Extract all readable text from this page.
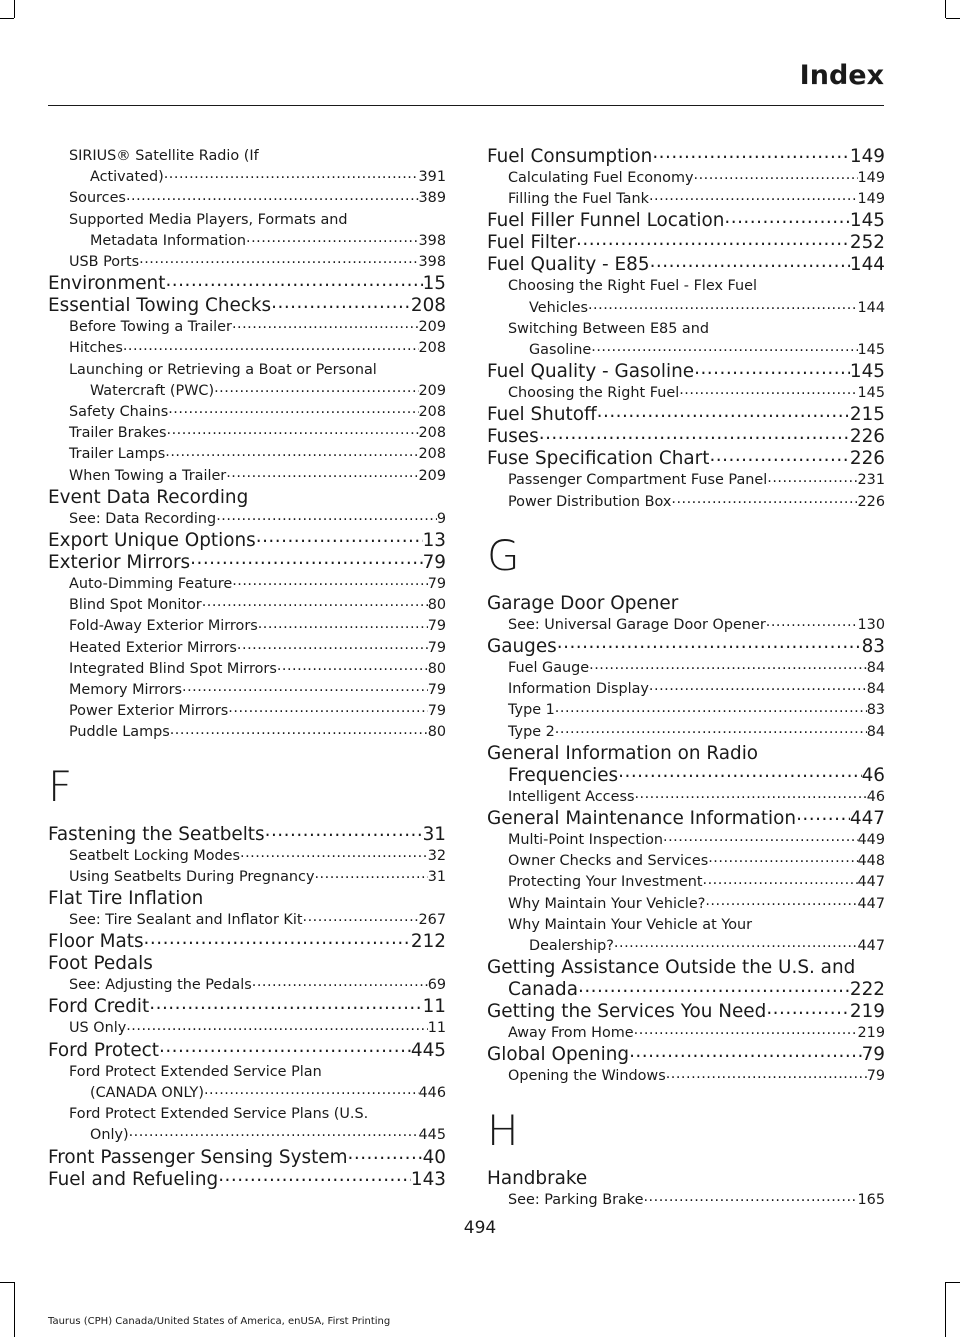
Index
SIRIUS® Satellite Radio (If
Activated) .....	391
Sources .....	389
Supported Media Players, Formats and
Metadata Information .....	398
USB Ports .....	398
Environment .....	15
Essential Towing Checks .....	208
Before Towing a Trailer .....	209
Hitches .....	208
Launching or Retrieving a Boat or Personal
Watercraft (PWC) .....	209
Safety Chains .....	208
Trailer Brakes .....	208
Trailer Lamps .....	208
When Towing a Trailer .....	209
Event Data Recording
See: Data Recording .....	9
Export Unique Options .....	13
Exterior Mirrors .....	79
Auto-Dimming Feature .....	79
Blind Spot Monitor .....	80
Fold-Away Exterior Mirrors .....	79
Heated Exterior Mirrors .....	79
Integrated Blind Spot Mirrors .....	80
Memory Mirrors .....	79
Power Exterior Mirrors .....	79
Puddle Lamps .....	80
F
Fastening the Seatbelts .....	31
Seatbelt Locking Modes .....	32
Using Seatbelts During Pregnancy .....	31
Flat Tire Inflation
See: Tire Sealant and Inflator Kit .....	267
Floor Mats .....	212
Foot Pedals
See: Adjusting the Pedals .....	69
Ford Credit .....	11
US Only .....	11
Ford Protect .....	445
Ford Protect Extended Service Plan
(CANADA ONLY) .....	446
Ford Protect Extended Service Plans (U.S.
Only) .....	445
Front Passenger Sensing System .....	40
Fuel and Refueling .....	143
Fuel Consumption .....	149
Calculating Fuel Economy .....	149
Filling the Fuel Tank .....	149
Fuel Filler Funnel Location .....	145
Fuel Filter .....	252
Fuel Quality - E85 .....	144
Choosing the Right Fuel - Flex Fuel
Vehicles .....	144
Switching Between E85 and
Gasoline .....	145
Fuel Quality - Gasoline .....	145
Choosing the Right Fuel .....	145
Fuel Shutoff .....	215
Fuses .....	226
Fuse Specification Chart .....	226
Passenger Compartment Fuse Panel .....	231
Power Distribution Box .....	226
G
Garage Door Opener
See: Universal Garage Door Opener .....	130
Gauges .....	83
Fuel Gauge .....	84
Information Display .....	84
Type 1 .....	83
Type 2 .....	84
General Information on Radio
Frequencies .....	46
Intelligent Access .....	46
General Maintenance Information .....	447
Multi-Point Inspection .....	449
Owner Checks and Services .....	448
Protecting Your Investment .....	447
Why Maintain Your Vehicle? .....	447
Why Maintain Your Vehicle at Your
Dealership? .....	447
Getting Assistance Outside the U.S. and
Canada .....	222
Getting the Services You Need .....	219
Away From Home .....	219
Global Opening .....	79
Opening the Windows .....	79
H
Handbrake
See: Parking Brake .....	165
494
Taurus (CPH) Canada/United States of America, enUSA, First Printing
